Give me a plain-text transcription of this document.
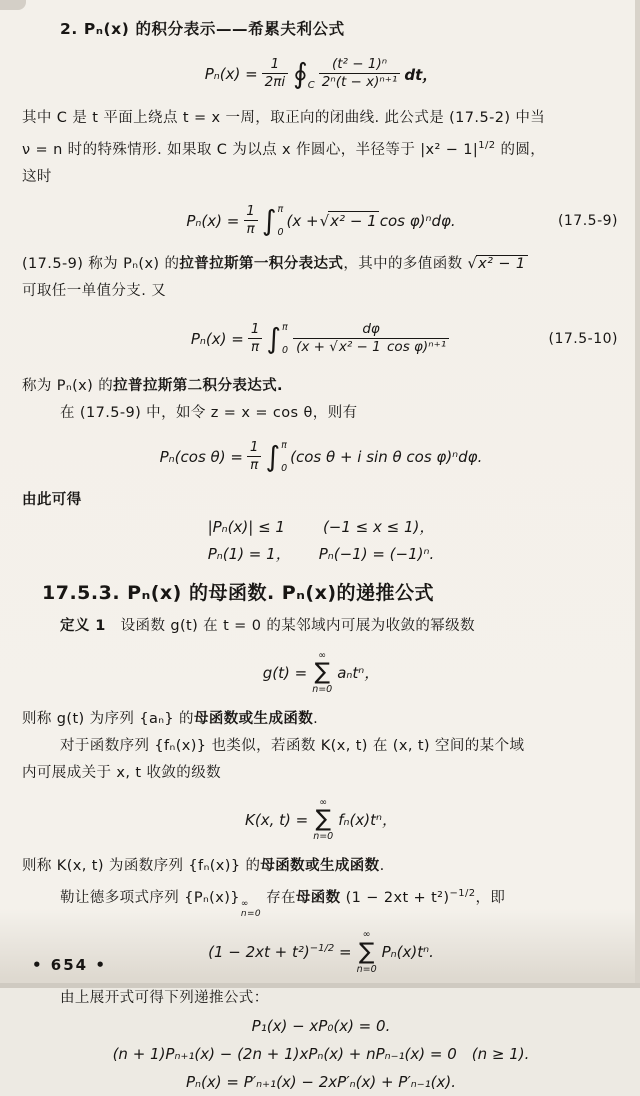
2. Pₙ(x) 的积分表示——希累夫利公式
$P_n(x) = \frac{1}{2\pi i}$ ∮ C $\frac{\text{(t² − 1)ⁿ}}{\text{2ⁿ(t − x)ⁿ⁺¹}}$ dt，
其中 C 是 t 平面上绕点 t = x 一周，取正向的闭曲线. 此公式是 (17.5-2) 中当
ν = n 时的特殊情形. 如果取 C 为以点 x 作圆心，半径等于 $|x^2 - 1|^{1/2}$ 的圆，
这时
$P_n(x) = \frac{1}{\pi}$ ∫ π
0
(x + √x² − 1 cos φ)ⁿdφ.	(17.5-9)
(17.5-9) 称为 Pₙ(x) 的拉普拉斯第一积分表达式，其中的多值函数 √x² − 1
可取任一单值分支. 又
$P_n(x) = \frac{1}{\pi}$ ∫ π
$0 \frac{d\varphi}{\text{(x + √x² − 1 cos φ)ⁿ⁺¹}}$	(17.5-10)
称为 Pₙ(x) 的拉普拉斯第二积分表达式.
在 (17.5-9) 中，如令 z = x = cos θ，则有
Pₙ(cos $\theta) = \frac{1}{\pi}$ ∫ π
0
(cos θ + i sin θ cos φ)ⁿdφ.
由此可得
|Pₙ(x)| ≤ 1	(−1 ≤ x ≤ 1)，
Pₙ(1) = 1， Pₙ(−1) = (−1)ⁿ.
17.5.3. Pₙ(x) 的母函数. Pₙ(x)的递推公式
定义 1　设函数 g(t) 在 t = 0 的某邻域内可展为收敛的幂级数
g(t) =
∞
∑
n=0
aₙtⁿ，
则称 g(t) 为序列 {aₙ} 的母函数或生成函数.
对于函数序列 {fₙ(x)} 也类似，若函数 K(x, t) 在 (x, t) 空间的某个域
内可展成关于 x, t 收敛的级数
K(x, t) =
∞
∑
n=0
fₙ(x)tⁿ，
则称 K(x, t) 为函数序列 {fₙ(x)} 的母函数或生成函数.
勒让德多项式序列 {Pₙ(x)} ∞
n=0
存在母函数 $(1 - 2xt + t^2)^{-1/2}$，即
$(1 - 2xt + t^2)^{-1/2}$ =
∞
∑
n=0
Pₙ(x)tⁿ.
由上展开式可得下列递推公式：
P₁(x) − xP₀(x) = 0.
(n + 1)Pₙ₊₁(x) − (2n + 1)xPₙ(x) + nPₙ₋₁(x) = 0　(n ≥ 1).
Pₙ(x) = P′ₙ₊₁(x) − 2xP′ₙ(x) + P′ₙ₋₁(x).
• 654 •
